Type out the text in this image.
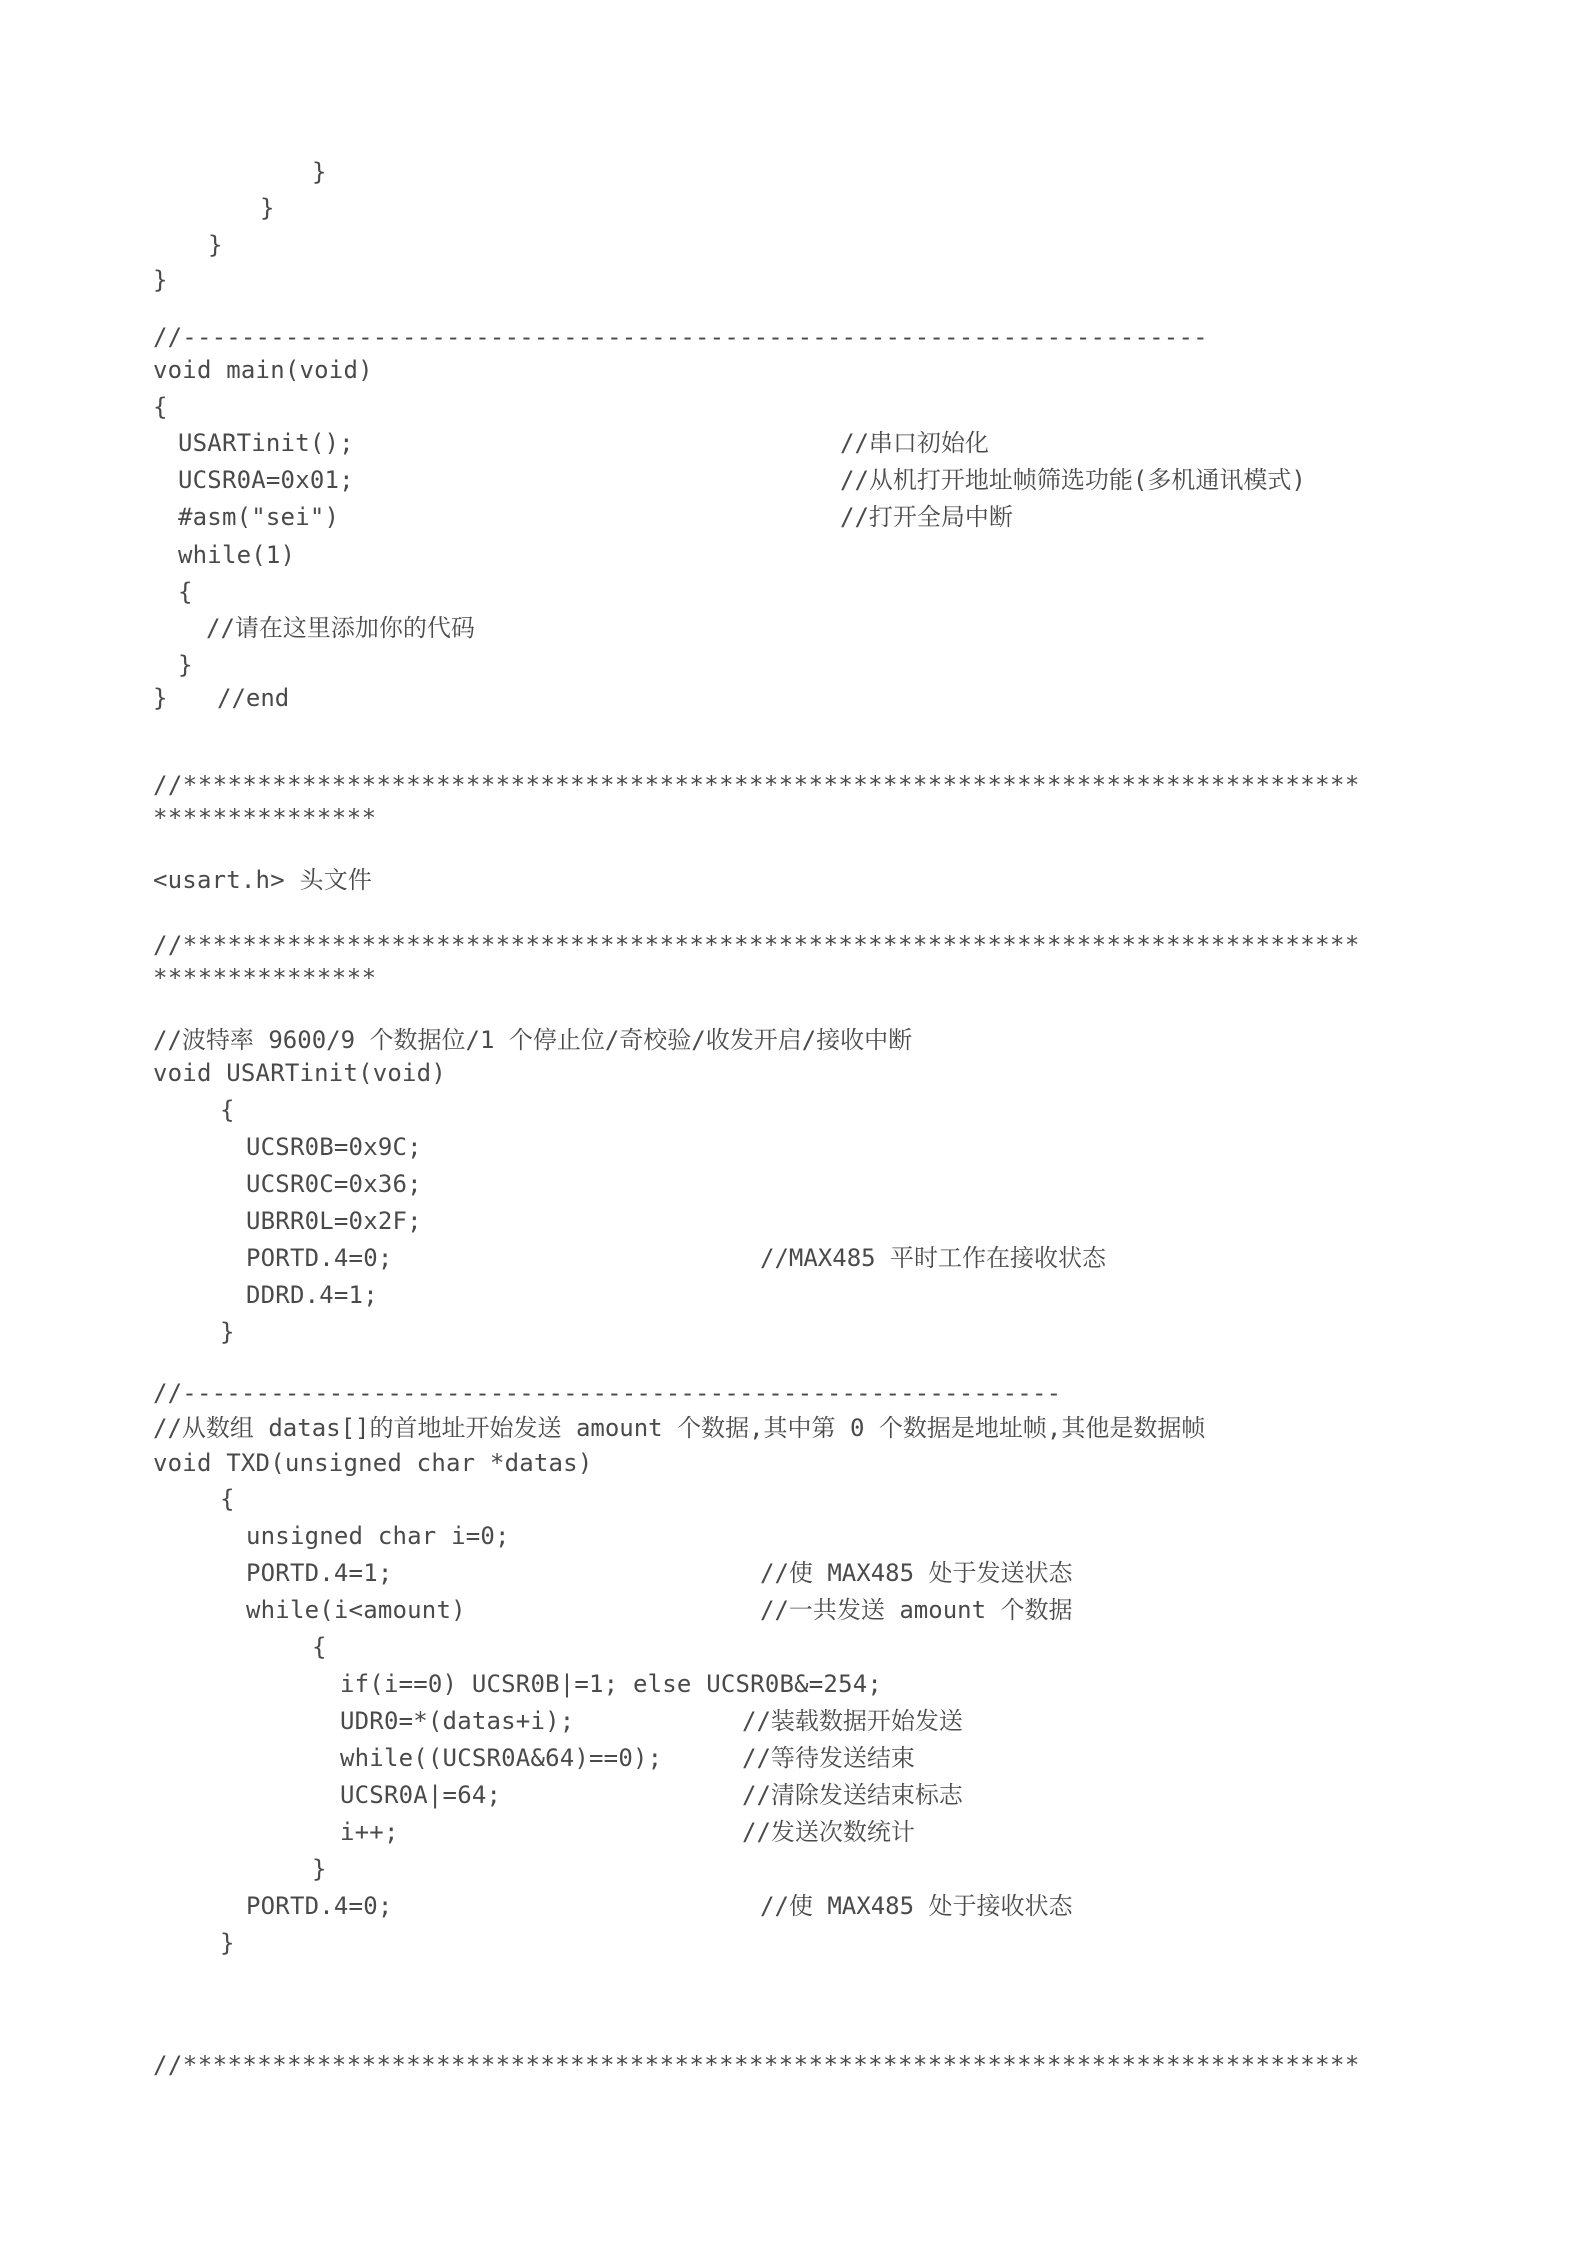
}
}
}
}
//----------------------------------------------------------------------
void main(void)
{
USARTinit();	//串口初始化
UCSR0A=0x01;	//从机打开地址帧筛选功能(多机通讯模式)
#asm("sei")	//打开全局中断
while(1)
{
//请在这里添加你的代码
}
} //end
//*******************************************************************************
***************
<usart.h> 头文件
//*******************************************************************************
***************
//波特率 9600/9 个数据位/1 个停止位/奇校验/收发开启/接收中断
void USARTinit(void)
{
UCSR0B=0x9C;
UCSR0C=0x36;
UBRR0L=0x2F;
PORTD.4=0;	//MAX485 平时工作在接收状态
DDRD.4=1;
}
//------------------------------------------------------------
//从数组 datas[]的首地址开始发送 amount 个数据,其中第 0 个数据是地址帧,其他是数据帧
void TXD(unsigned char *datas)
{
unsigned char i=0;
PORTD.4=1;	//使 MAX485 处于发送状态
while(i<amount)	//一共发送 amount 个数据
{
if(i==0) UCSR0B|=1; else UCSR0B&=254;
UDR0=*(datas+i);	//装载数据开始发送
while((UCSR0A&64)==0);	//等待发送结束
UCSR0A|=64;	//清除发送结束标志
i++;	//发送次数统计
}
PORTD.4=0;	//使 MAX485 处于接收状态
}
//*******************************************************************************
